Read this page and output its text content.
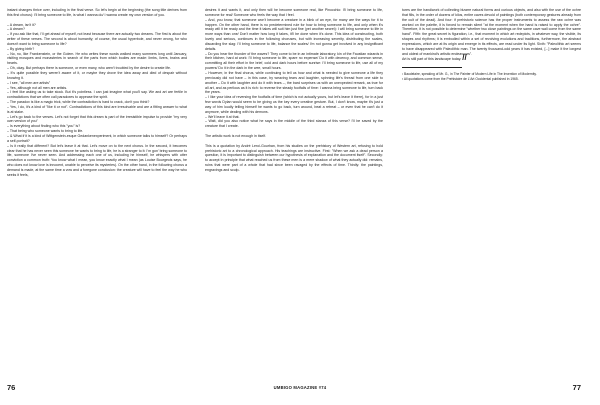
instant changes thrice over, including in the final verse. So let's begin at the beginning (the song title derives from this first chorus): I'll bring someone to life, is what I wanna do/ I wanna create my own version of you.

– A dream, isn't it?

– A dream?

– If you ask like that, I'll get ahead of myself, not least because there are actually two dreams. The first is about the writer of these verses. The second is about humanity; of course, the usual hyperbole, and never wrong, for who doesn't want to bring someone to life?

– By giving birth?

– No, no, like Frankenstein, or the Golem. He who writes these words walked many summers long until January, visiting mosques and monasteries in search of the parts from which bodies are made: limbs, livers, brains and hearts.

– Oh, okay. But perhaps there is someone, or even many, who aren't troubled by the desire to create life.

– It's quite possible they weren't aware of it, or maybe they drove the idea away and died of despair without knowing it.

– I see, "all men are artists"

– Yes, although not all men are artists.

– I feel like asking us to take stock. But it's pointless. I can just imagine what you'll say. We and art are fertile in contradictions that we often call paradoxes to appease the spirit.

– The paradox is like a magic trick, while the contradiction is hard to crack, don't you think?

– Yes, I do, it's a kind of "like it or not". Contradictions of this kind are irresolvable and are a fitting answer to what is at stake.

– Let's go back to the verses. Let's not forget that this dream is part of the irresistible impulse to provide "my very own version of you"

– Is everything about finding who this "you" is?

– That being who someone wants to bring to life.

– & What if it is a kind of Wittgenstein-esque Gedankenexperiment, in which someone talks to himself? Or perhaps a self-portrait?

– Is it really that different? But let's leave it at that. Let's move on to the next chorus. In the second, it becomes clear that he has never seen this someone he wants to bring to life, he is a stranger to it: I'm gon' bring someone to life, someone I've never seen. And addressing each one of us, including he himself, he whispers with utter conviction a common truth: You know what I mean, you know exactly what I mean (as Louise Bourgeois says, he who does not know love is innocent, unable to perceive its mysteries). On the other hand, in the following chorus a demand is made, at the same time a vow and a foregone conclusion: the creature will have to feel the way he who seeks it feels,

desires it and wants it, and only then will he become someone real, like Pinocchio: I'll bring someone to life, someone for real/ Someone who feels the way that I feel.

– And, you know, that someone won't become a creature in a blink of an eye, for many are the ways for it to happen. On the other hand, there is no predetermined rule for how to bring someone to life, and only when it's ready will it be ready and the time it takes will suit him just fine (yet another secret): I will bring someone to life in more ways than one/ Don't matter how long it takes, it'll be done when it's done. This idea of constructing, both lovely and serious, continues in the following choruses, but with increasing severity, distributing the scales, discarding the slag: I'll bring someone to life, balance the scales/ I'm not gonna get involved in any insignificant details.

– Do you hear the thunder of the waves? They come to be in an intimate laboratory, kin of the Faustian wizards in their kitchen, hard at work: I'll bring someone to life, spare no expense/ Do it with decency, and common sense, committing all their effort in the brief, cold and dark hours before sunrise: I'll bring someone to life, use all of my powers/ Do it in the dark in the wee, small hours.

– However, in the final chorus, while continuing to tell us how and what is needed to give someone a life they previously did not have – in this case, by weaving tears and laughter, spinning life's thread from one side to another – Do it with laughter and do it with tears –, the bard surprises us with an unexpected remark, as true for all art, and as perilous as it is rich: to reverse the steady footfalls of time: I wanna bring someone to life, turn back the years.

– I like your idea of reversing the footfalls of time (which is not actually yours, but let's leave it there), for in a just few words Dylan would seem to be giving us the key every creative gesture. But, I don't know, maybe it's just a way of him loudly telling himself he wants to go back, turn around, beat a retreat – or even that he can't do it anymore, while dealing with his demons.

– We'll leave it at that.

– Wait, did you also notice what he says in the middle of the third stanza of this verse? I'll be saved by the creature that I create.

The artistic work is not enough in itself.

This is a quotation by André Leroi-Gourhan, from his studies on the prehistory of Western art, refusing to hold prehistoric art to a chronological approach. His teachings are instructive. First: "When we ask a dead person a question, it is important to distinguish between our hypothesis of explanation and the document itself". Secondly: to accept in principle that what reached us from these men is a mere shadow of what they actually did: remains, ruins that were part of a whole that had since been ravaged by the effects of time. Thirdly: the paintings, engravings and sculp-

tures are the handiwork of collecting bizarre natural forms and curious objects, and also with the use of the ochre that fills, in the order of dozens of kilos, entire caves devoid of paintings (both contemporary gestures already from the cult of the dead). And four: if prehistoric science has the proper instruments to assess the raw ochre was worked on the palette, it is forced to remain silent "at the moment when the hand is raised to apply the ochre". Therefore, it is not possible to determine "whether two close paintings on the same cave wall come from the same hand". Fifth: the great secret is figuration, i.e., that moment in which art redepicts, in whatever way, the visible, its shapes and rhythms; it is embodied within a set of revolving evolutions and traditions, furthermore, the abstract expressions, which are at its origin and emerge in its effects, are read under its light. Sixth: "Paleolithic art seems to have disappeared with Paleolithic man. The twenty thousand-odd years it has existed, [...] make it the longest and oldest of mankind's artistic endeavours".

Art is still part of this landscape today. //

¹ Baudelaire, speaking of Mr. G., in The Painter of Modern Life in The Invention of Modernity.

² All quotations come from the Prehistoire de L'Art Occidental published in 1965.

76	UMBIGO MAGAZINE #74	77
